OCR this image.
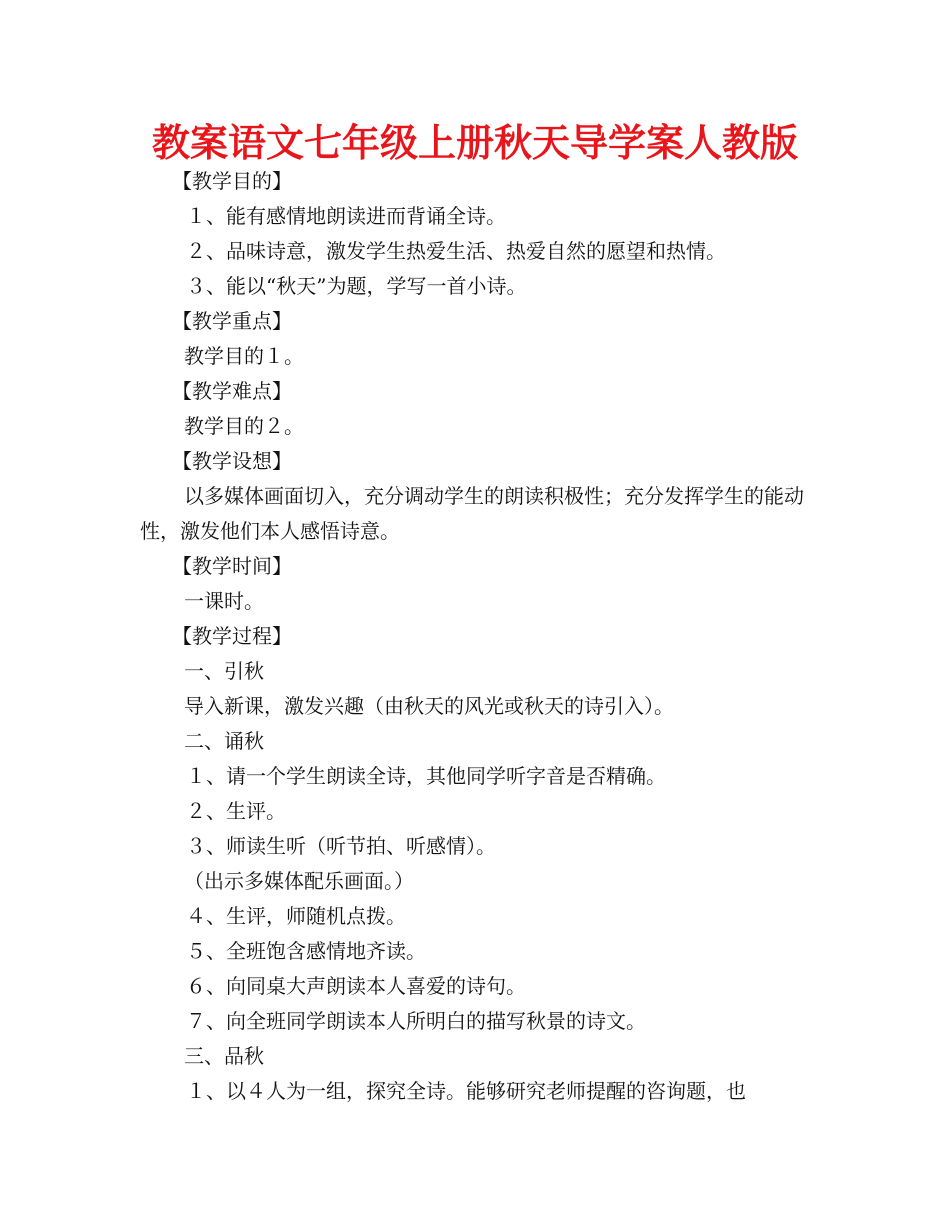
教案语文七年级上册秋天导学案人教版

【教学目的】

１、能有感情地朗读进而背诵全诗。

２、品味诗意，激发学生热爱生活、热爱自然的愿望和热情。

３、能以“秋天”为题，学写一首小诗。

【教学重点】

教学目的１。

【教学难点】

教学目的２。

【教学设想】

以多媒体画面切入，充分调动学生的朗读积极性；充分发挥学生的能动性，激发他们本人感悟诗意。

【教学时间】

一课时。

【教学过程】

一、引秋

导入新课，激发兴趣（由秋天的风光或秋天的诗引入）。

二、诵秋

１、请一个学生朗读全诗，其他同学听字音是否精确。

２、生评。

３、师读生听（听节拍、听感情）。

（出示多媒体配乐画面。）

４、生评，师随机点拨。

５、全班饱含感情地齐读。

６、向同桌大声朗读本人喜爱的诗句。

７、向全班同学朗读本人所明白的描写秋景的诗文。

三、品秋

１、以４人为一组，探究全诗。能够研究老师提醒的咨询题，也
